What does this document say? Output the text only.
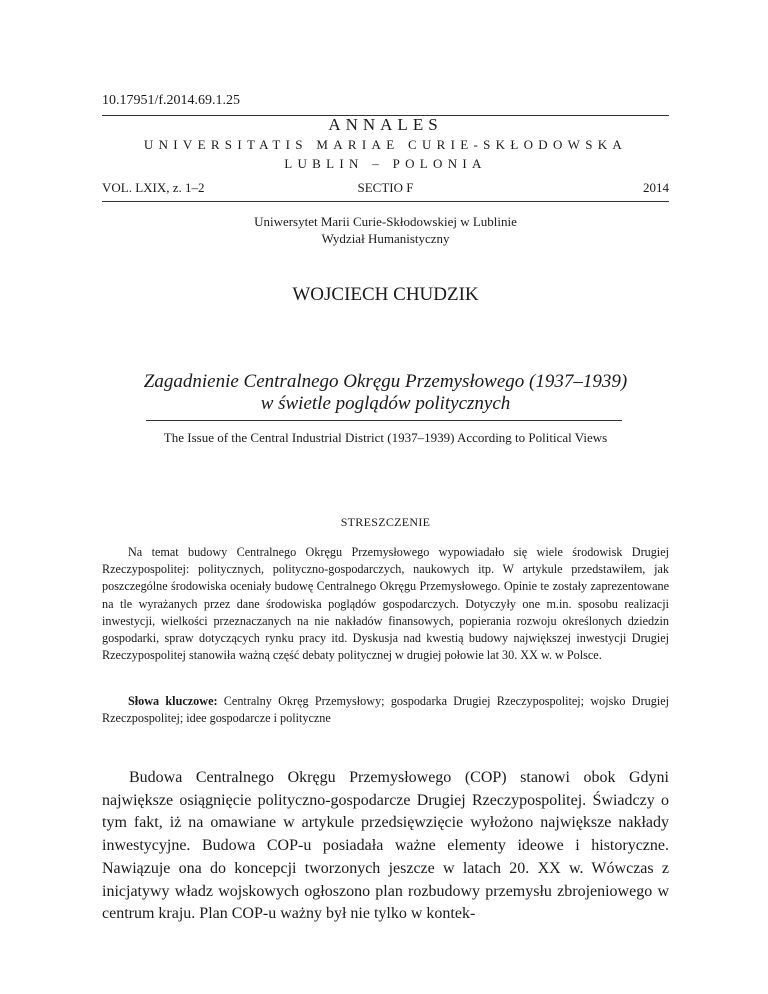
10.17951/f.2014.69.1.25
ANNALES
UNIVERSITATIS MARIAE CURIE-SKŁODOWSKA
LUBLIN – POLONIA
SECTIO F
VOL. LXIX, z. 1–2	2014
Uniwersytet Marii Curie-Skłodowskiej w Lublinie
Wydział Humanistyczny
WOJCIECH CHUDZIK
Zagadnienie Centralnego Okręgu Przemysłowego (1937–1939)
w świetle poglądów politycznych
The Issue of the Central Industrial District (1937–1939) According to Political Views
STRESZCZENIE

Na temat budowy Centralnego Okręgu Przemysłowego wypowiadało się wiele środowisk Drugiej Rzeczypospolitej: politycznych, polityczno-gospodarczych, naukowych itp. W artykule przedstawiłem, jak poszczególne środowiska oceniały budowę Centralnego Okręgu Przemysłowego. Opinie te zostały zaprezentowane na tle wyrażanych przez dane środowiska poglądów gospodarczych. Dotyczyły one m.in. sposobu realizacji inwestycji, wielkości przeznaczanych na nie nakładów finansowych, popierania rozwoju określonych dziedzin gospodarki, spraw dotyczących rynku pracy itd. Dyskusja nad kwestią budowy największej inwestycji Drugiej Rzeczypospolitej stanowiła ważną część debaty politycznej w drugiej połowie lat 30. XX w. w Polsce.

Słowa kluczowe: Centralny Okręg Przemysłowy; gospodarka Drugiej Rzeczypospolitej; wojsko Drugiej Rzeczpospolitej; idee gospodarcze i polityczne

Budowa Centralnego Okręgu Przemysłowego (COP) stanowi obok Gdyni największe osiągnięcie polityczno-gospodarcze Drugiej Rzeczypospolitej. Świadczy o tym fakt, iż na omawiane w artykule przedsięwzięcie wyłożono największe nakłady inwestycyjne. Budowa COP-u posiadała ważne elementy ideowe i historyczne. Nawiązuje ona do koncepcji tworzonych jeszcze w latach 20. XX w. Wówczas z inicjatywy władz wojskowych ogłoszono plan rozbudowy przemysłu zbrojeniowego w centrum kraju. Plan COP-u ważny był nie tylko w kontek-
